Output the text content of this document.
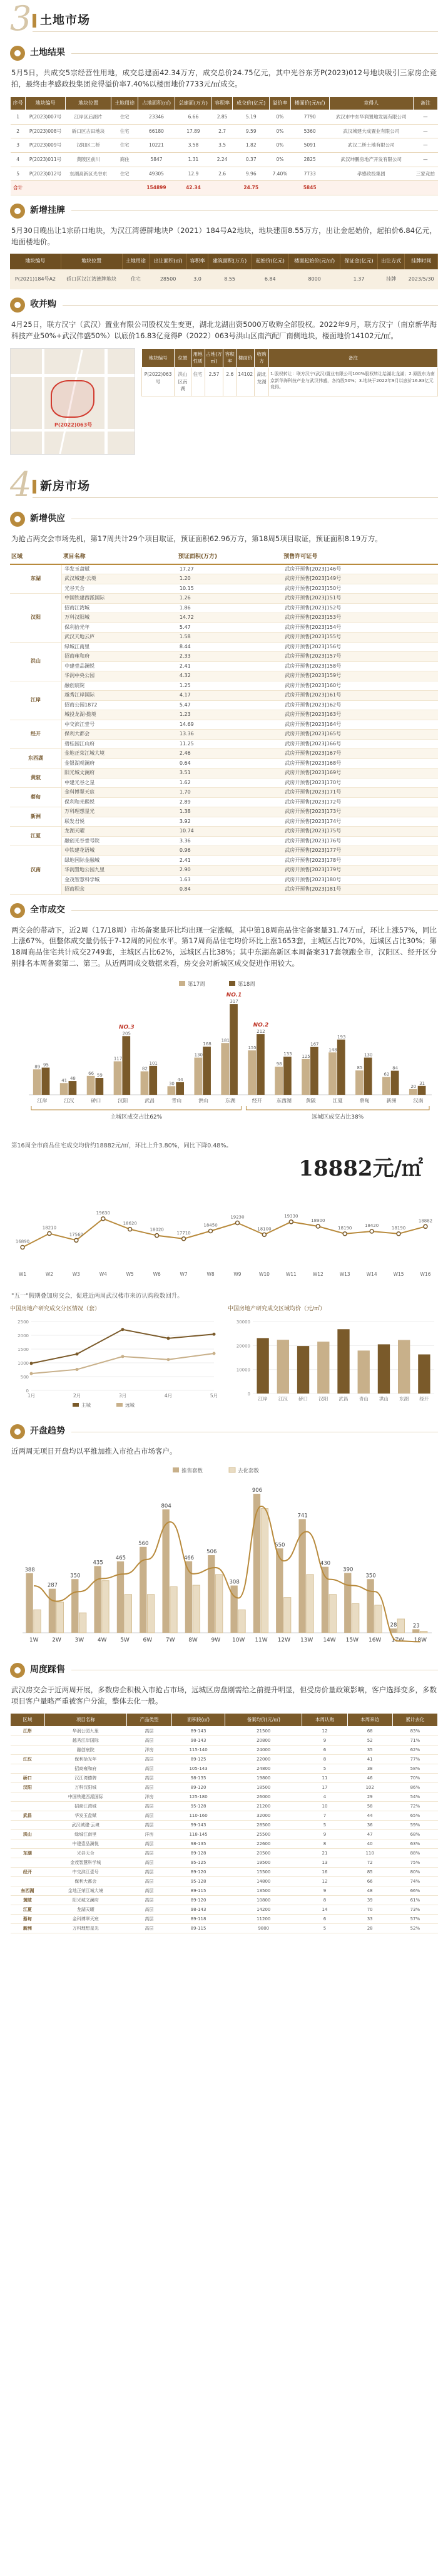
3 土地市场
土地结果

5月5日，共成交5宗经营性用地，成交总建面42.34万方，成交总价24.75亿元，其中光谷东芳P(2023)012号地块吸引三家房企竞拍，最终由孝感政投集团竞得溢价率7.40%以楼面地价7733元/㎡成交。

序号	地块编号	地块位置	土地用途	占地面积(㎡)	总建面(万方)	容积率	成交价(亿元)	溢价率	楼面价(元/㎡)	竞得人	备注
1	P(2023)007号	江岸区后湖片	住宅	23346	6.66	2.85	5.19	0%	7790	武汉市中东华润置地发展有限公司	—
2	P(2023)008号	硚口区古田地块	住宅	66180	17.89	2.7	9.59	0%	5360	武汉城建大成置业有限公司	—
3	P(2023)009号	汉阳区二桥	住宅	10221	3.58	3.5	1.82	0%	5091	武汉二桥土地有限公司	—
4	P(2023)011号	黄陂区前川	商住	5847	1.31	2.24	0.37	0%	2825	武汉坤鹏房地产开发有限公司	—
5	P(2023)012号	东湖高新区光谷东	住宅	49305	12.9	2.6	9.96	7.40%	7733	孝感政投集团	三家竞拍
合计				154899	42.34		24.75		5845		
新增挂牌

5月30日晚出让1宗硚口地块，为汉江湾德牌地块P（2021）184号A2地块，地块建面8.55万方，出让金起始价，起拍价6.84亿元，地面楼地价。

地块编号	地块位置	土地用途	出让面积(㎡)	容积率	建筑面积(万方)	起始价(亿元)	楼面起始价(元/㎡)	保证金(亿元)	出让方式	挂牌时间
P(2021)184号A2	硚口区汉江湾德牌地块	住宅	28500	3.0	8.55	6.84	8000	1.37	挂牌	2023/5/30
收并购

4月25日，联方汉宁（武汉）置业有限公司股权发生变更，湖北龙湖出资5000万收购全部股权。2022年9月，联方汉宁（南京新华海科技产业50%+武汉伟盛50%）以底价16.83亿竞得P（2022）063号洪山区南汽配厂南侧地块，楼面地价14102元/㎡。

P(2022)063号
地块编号	位置	用地性质	占地(万㎡)	容积率	楼面价	收购方	备注
P(2022)063号	洪山区南湖	住宅	2.57	2.6	14102	湖北龙湖	1.股权转让：联方汉宁(武汉)置业有限公司100%股权转让给湖北龙湖；2.原股东为南京新华海科技产业与武汉伟盛，各持股50%；3.地块于2022年9月以底价16.83亿元竞得。
4 新房市场
新增供应

为抢占两交会市场先机，第17周共计29个项目取证，预证面积62.96万方，第18周5项目取证，预证面积8.19万方。

区域	项目名称	预证面积(万方)	预售许可证号
东湖	华发玉盘赋	17.27	武房开预售[2023]146号
	武汉城建·云境	1.20	武房开预售[2023]149号
	光谷天合	10.15	武房开预售[2023]150号
汉阳	中国铁建西派国际	1.26	武房开预售[2023]151号
	招商江湾城	1.86	武房开预售[2023]152号
	万科汉阳城	14.72	武房开预售[2023]153号
	保利拾光年	5.47	武房开预售[2023]154号
	武汉天地云庐	1.58	武房开预售[2023]155号
洪山	绿城江南里	8.44	武房开预售[2023]156号
	招商雍和府	2.33	武房开预售[2023]157号
	中建壹品澜悦	2.41	武房开预售[2023]158号
	华润中央公园	4.32	武房开预售[2023]159号
江岸	融创宸院	1.25	武房开预售[2023]160号
	越秀江岸国际	4.17	武房开预售[2023]161号
	招商公园1872	5.47	武房开预售[2023]162号
	城投龙湖·揽境	1.23	武房开预售[2023]163号
经开	中交滨江壹号	14.69	武房开预售[2023]164号
	保利大都会	13.36	武房开预售[2023]165号
	碧桂园江山府	11.25	武房开预售[2023]166号
东西湖	金地正荣江城大境	2.46	武房开预售[2023]167号
	金银湖观澜府	0.64	武房开预售[2023]168号
黄陂	阳光城文澜府	3.51	武房开预售[2023]169号
	中建光谷之星	1.62	武房开预售[2023]170号
蔡甸	金科博翠天宸	1.70	武房开预售[2023]171号
	保利和光熙悦	2.89	武房开预售[2023]172号
新洲	万科理想星光	1.38	武房开预售[2023]173号
	联发君悦	3.92	武房开预售[2023]174号
江夏	龙湖天曜	10.74	武房开预售[2023]175号
	融创光谷壹号院	3.36	武房开预售[2023]176号
汉南	中铁建花语城	0.96	武房开预售[2023]177号
	绿地国际金融城	2.41	武房开预售[2023]178号
	华润置地公园九里	2.90	武房开预售[2023]179号
	金茂智慧科学城	1.63	武房开预售[2023]180号
	招商积余	0.84	武房开预售[2023]181号
全市成交

两交会的带动下，近2周（17/18周）市场备案量环比均出现一定涨幅，其中第18周商品住宅备案量31.74万㎡，环比上涨57%，同比上涨67%，但整体成交量仍低于7-12周的同位水平。第17周商品住宅均价环比上涨1653套，主城区占比70%，远城区占比30%；第18周商品住宅共计成交2749套，主城区占比62%，远城区占比38%；其中东湖高新区本周备案317套领跑全市，汉阳区、经开区分别排名本周备案第二、第三。从近两周成交数据来看，房交会对新城区成交促进作用较大。

89 95
江岸
41 48
江汉
66 59
硚口
117
205
汉阳
82
101
武昌
30
44
青山
130
168
洪山
181
317
东湖
155
212
经开
98
133
东西湖
125
167
黄陂
148
193
江夏
85
130
蔡甸
62
84
新洲
20
31
汉南
NO.1
NO.2
NO.3
主城区成交占比62%	远城区成交占比38%
第17周	第18周

第16周全市商品住宅成交均价约18882元/㎡，环比上升3.80%，同比下降0.48%。

18882元/㎡
16890
W1
18210
W2
17560
W3
19630
W4
18620
W5
18020
W6
17710
W7
18450
W8
19230
W9
18100
W10
19330
W11
18900
W12
18190
W13
18420
W14
18190
W15
18882
W16

"五一"假期叠加房交会，促进近两周武汉楼市来访认购段数回升。

中国房地产研究成交分区情况（套）
0
500
1000
1500
2000
2500
主城	远城
1月	2月	3月	4月	5月
中国房地产研究成交区域均价（元/㎡）
0
10000
20000
30000
江岸 江汉 硚口 汉阳 武昌 青山 洪山 东湖 经开
开盘趋势

近两周无项目开盘均以平推加推入市抢占市场客户。

388
1W
287
2W
350
3W
435
4W
465
5W
560
6W
804
7W
466
8W
506
9W
308
10W
906
11W
550
12W
741
13W
430
14W
390
15W
350
16W
28
17W
23
18W
推售套数	去化套数
周度踩售

武汉房交会于近两周开展，多数房企积极入市抢占市场，远城区房盘刚需给之前提升明显，但受房价量政策影响，客户选择变多，多数项目客户量略严重被客户分流，整体去化一般。

区域	项目名称	产品类型	面积段(㎡)	备案均价(元/㎡)	本周认购	本周来访	累计去化
江岸	华润公园九里	高层	89-143	21500	12	68	83%
	越秀江岸国际	高层	98-143	20800	9	52	71%
	融创宸院	洋房	115-140	24000	6	35	62%
江汉	保利拾光年	高层	89-125	22000	8	41	77%
	招商雍和府	高层	105-143	24800	5	38	58%
硚口	汉江湾德牌	高层	98-135	19800	11	46	70%
汉阳	万科汉阳城	高层	89-120	18500	17	102	86%
	中国铁建西派国际	洋房	125-180	26000	4	29	54%
	招商江湾城	高层	95-128	21200	10	58	72%
武昌	华发玉盘赋	高层	110-160	32000	7	44	65%
	武汉城建·云境	高层	99-143	28500	5	36	59%
洪山	绿城江南里	洋房	118-145	25500	9	47	68%
	中建壹品澜悦	高层	98-135	22600	8	40	63%
东湖	光谷天合	高层	89-128	20500	21	110	88%
	金茂智慧科学城	高层	95-125	19500	13	72	75%
经开	中交滨江壹号	高层	89-120	15500	16	85	80%
	保利大都会	高层	95-128	14800	12	66	74%
东西湖	金地正荣江城大境	高层	89-115	13500	9	48	66%
黄陂	阳光城文澜府	高层	89-120	10800	8	39	61%
江夏	龙湖天曜	高层	98-143	14200	14	70	73%
蔡甸	金科博翠天宸	高层	89-118	11200	6	33	57%
新洲	万科理想星光	高层	89-115	9800	5	28	52%
